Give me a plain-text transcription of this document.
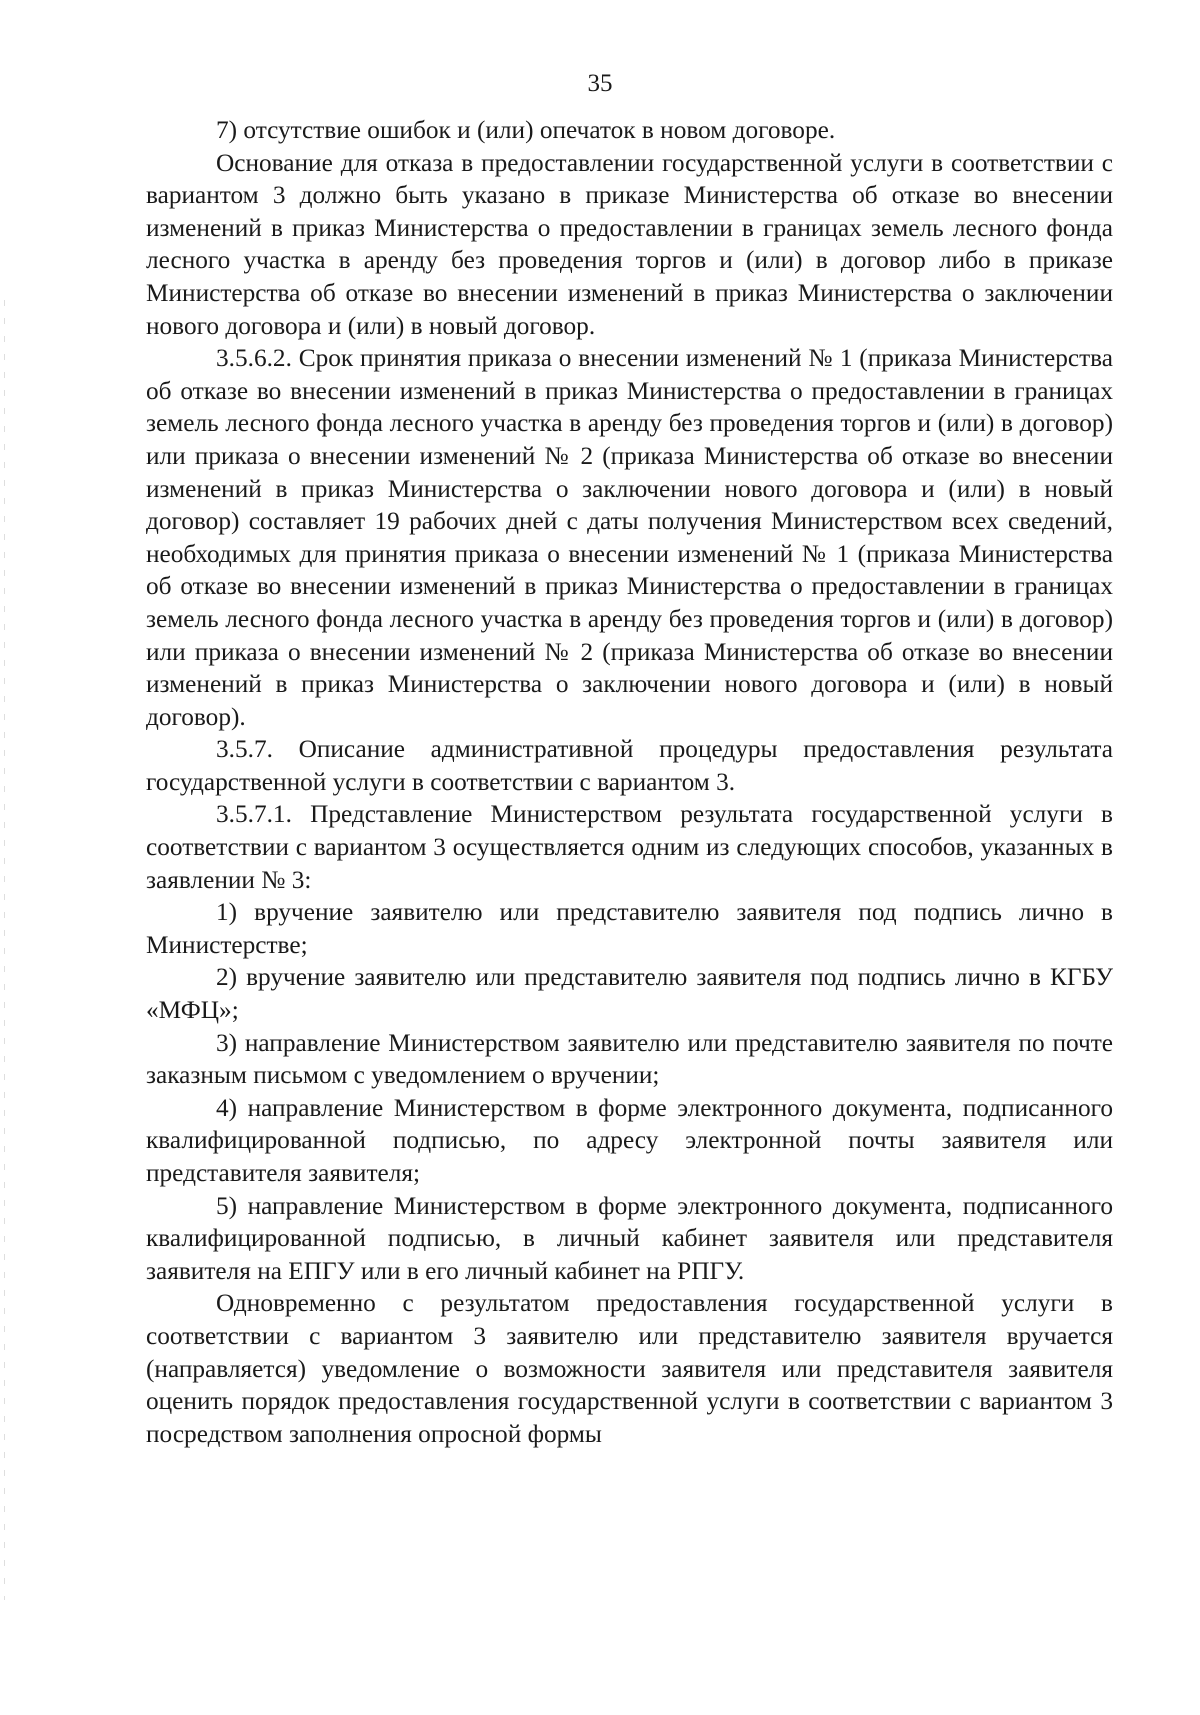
35

7) отсутствие ошибок и (или) опечаток в новом договоре.

Основание для отказа в предоставлении государственной услуги в соответствии с вариантом 3 должно быть указано в приказе Министерства об отказе во внесении изменений в приказ Министерства о предоставлении в границах земель лесного фонда лесного участка в аренду без проведения торгов и (или) в договор либо в приказе Министерства об отказе во внесении изменений в приказ Министерства о заключении нового договора и (или) в новый договор.

3.5.6.2. Срок принятия приказа о внесении изменений № 1 (приказа Министерства об отказе во внесении изменений в приказ Министерства о предоставлении в границах земель лесного фонда лесного участка в аренду без проведения торгов и (или) в договор) или приказа о внесении изменений № 2 (приказа Министерства об отказе во внесении изменений в приказ Министерства о заключении нового договора и (или) в новый договор) составляет 19 рабочих дней с даты получения Министерством всех сведений, необходимых для принятия приказа о внесении изменений № 1 (приказа Министерства об отказе во внесении изменений в приказ Министерства о предоставлении в границах земель лесного фонда лесного участка в аренду без проведения торгов и (или) в договор) или приказа о внесении изменений № 2 (приказа Министерства об отказе во внесении изменений в приказ Министерства о заключении нового договора и (или) в новый договор).

3.5.7. Описание административной процедуры предоставления результата государственной услуги в соответствии с вариантом 3.

3.5.7.1. Представление Министерством результата государственной услуги в соответствии с вариантом 3 осуществляется одним из следующих способов, указанных в заявлении № 3:

1) вручение заявителю или представителю заявителя под подпись лично в Министерстве;

2) вручение заявителю или представителю заявителя под подпись лично в КГБУ «МФЦ»;

3) направление Министерством заявителю или представителю заявителя по почте заказным письмом с уведомлением о вручении;

4) направление Министерством в форме электронного документа, подписанного квалифицированной подписью, по адресу электронной почты заявителя или представителя заявителя;

5) направление Министерством в форме электронного документа, подписанного квалифицированной подписью, в личный кабинет заявителя или представителя заявителя на ЕПГУ или в его личный кабинет на РПГУ.

Одновременно с результатом предоставления государственной услуги в соответствии с вариантом 3 заявителю или представителю заявителя вручается (направляется) уведомление о возможности заявителя или представителя заявителя оценить порядок предоставления государственной услуги в соответствии с вариантом 3 посредством заполнения опросной формы
